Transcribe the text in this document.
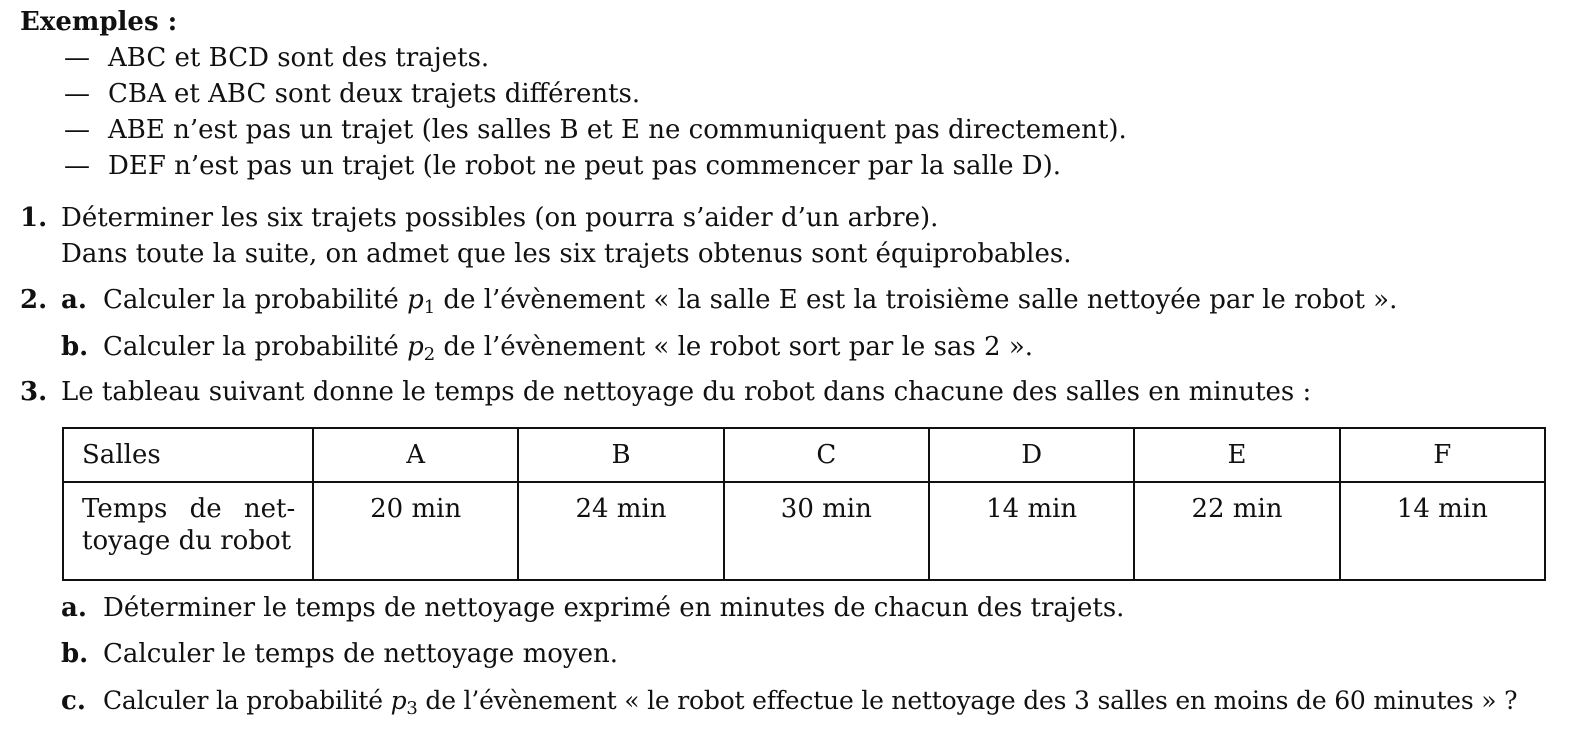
Exemples :
— ABC et BCD sont des trajets.
— CBA et ABC sont deux trajets différents.
— ABE n’est pas un trajet (les salles B et E ne communiquent pas directement).
— DEF n’est pas un trajet (le robot ne peut pas commencer par la salle D).
1. Déterminer les six trajets possibles (on pourra s’aider d’un arbre).
Dans toute la suite, on admet que les six trajets obtenus sont équiprobables.
2. a. Calculer la probabilité $p_1$ de l’évènement « la salle E est la troisième salle nettoyée par le robot ».
b. Calculer la probabilité $p_2$ de l’évènement « le robot sort par le sas 2 ».
3. Le tableau suivant donne le temps de nettoyage du robot dans chacune des salles en minutes :
Salles	A	B	C	D	E	F

Temps de net-
toyage du robot	20 min	24 min	30 min	14 min	22 min	14 min
a. Déterminer le temps de nettoyage exprimé en minutes de chacun des trajets.
b. Calculer le temps de nettoyage moyen.
c. Calculer la probabilité $p_3$ de l’évènement « le robot effectue le nettoyage des 3 salles en moins de 60 minutes » ?
